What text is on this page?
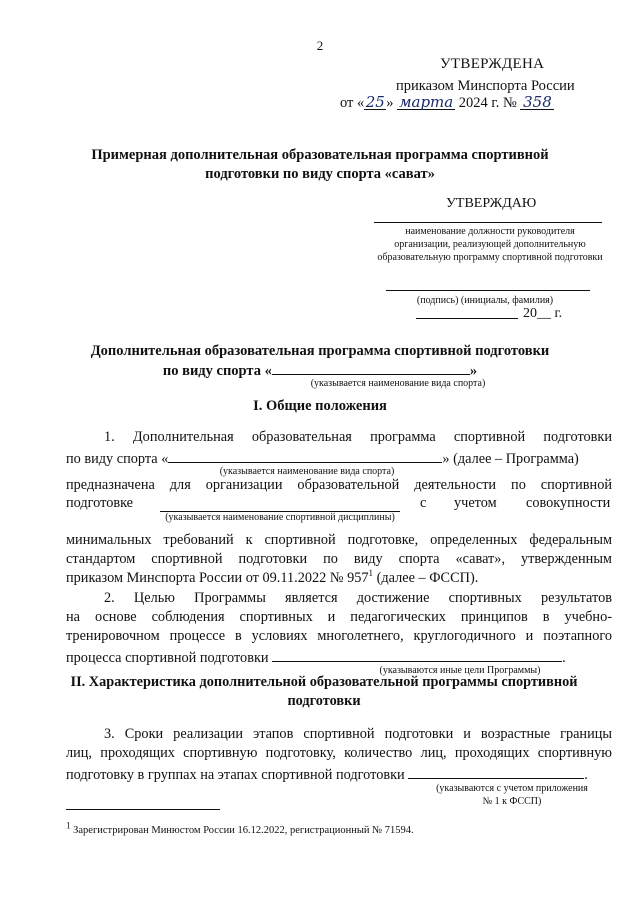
2
УТВЕРЖДЕНА
приказом Минспорта России
от «25» марта 2024 г. № 358
Примерная дополнительная образовательная программа спортивной
подготовки по виду спорта «сават»
УТВЕРЖДАЮ
наименование должности руководителя
организации, реализующей дополнительную
образовательную программу спортивной подготовки
(подпись) (инициалы, фамилия)
20__ г.
Дополнительная образовательная программа спортивной подготовки
по виду спорта «	»
(указывается наименование вида спорта)
I. Общие положения
1. Дополнительная образовательная программа спортивной подготовки
по виду спорта «	» (далее – Программа)
(указывается наименование вида спорта)
предназначена для организации образовательной деятельности по спортивной
подготовке	с учетом совокупности
(указывается наименование спортивной дисциплины)
минимальных требований к спортивной подготовке, определенных федеральным
стандартом спортивной подготовки по виду спорта «сават», утвержденным
приказом Минспорта России от 09.11.2022 № $957^1$ (далее – ФССП).
2. Целью Программы является достижение спортивных результатов
на основе соблюдения спортивных и педагогических принципов в учебно-
тренировочном процессе в условиях многолетнего, круглогодичного и поэтапного
процесса спортивной подготовки	.
(указываются иные цели Программы)
II. Характеристика дополнительной образовательной программы спортивной
подготовки
3. Сроки реализации этапов спортивной подготовки и возрастные границы
лиц, проходящих спортивную подготовку, количество лиц, проходящих спортивную
подготовку в группах на этапах спортивной подготовки	.
(указываются с учетом приложения
№ 1 к ФССП)
$^1$ Зарегистрирован Минюстом России 16.12.2022, регистрационный № 71594.
